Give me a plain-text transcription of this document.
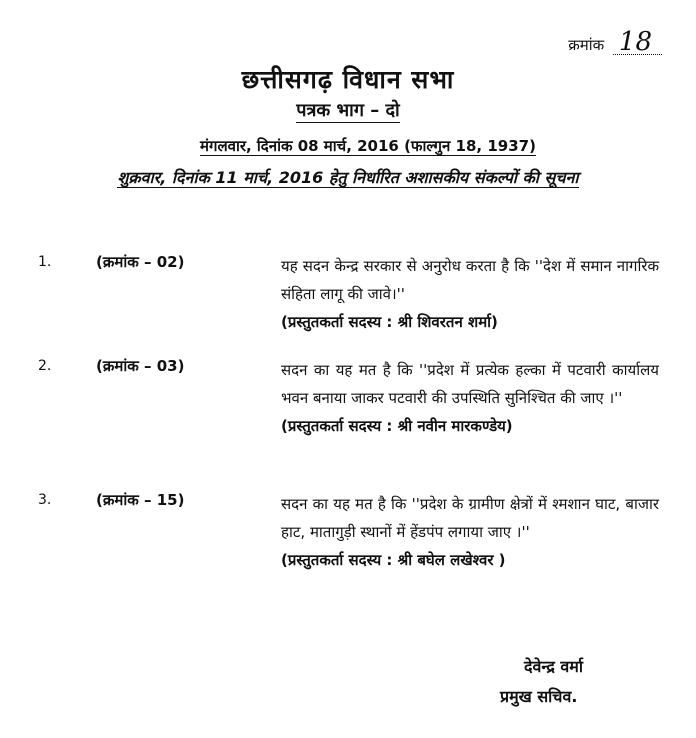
क्रमांक 18
छत्तीसगढ़ विधान सभा
पत्रक भाग – दो
मंगलवार, दिनांक 08 मार्च, 2016 (फाल्गुन 18, 1937)
शुक्रवार, दिनांक 11 मार्च, 2016 हेतु निर्धारित अशासकीय संकल्पों की सूचना
1.	(क्रमांक – 02)	यह सदन केन्द्र सरकार से अनुरोध करता है कि ''देश में समान नागरिक संहिता लागू की जावे।''
(प्रस्तुतकर्ता सदस्य : श्री शिवरतन शर्मा)
2.	(क्रमांक – 03)	सदन का यह मत है कि ''प्रदेश में प्रत्येक हल्का में पटवारी कार्यालय भवन बनाया जाकर पटवारी की उपस्थिति सुनिश्चित की जाए ।''
(प्रस्तुतकर्ता सदस्य : श्री नवीन मारकण्डेय)
3.	(क्रमांक – 15)	सदन का यह मत है कि ''प्रदेश के ग्रामीण क्षेत्रों में श्मशान घाट, बाजार हाट, मातागुड़ी स्थानों में हेंडपंप लगाया जाए ।''
(प्रस्तुतकर्ता सदस्य : श्री बघेल लखेश्वर )
देवेन्द्र वर्मा
प्रमुख सचिव.
